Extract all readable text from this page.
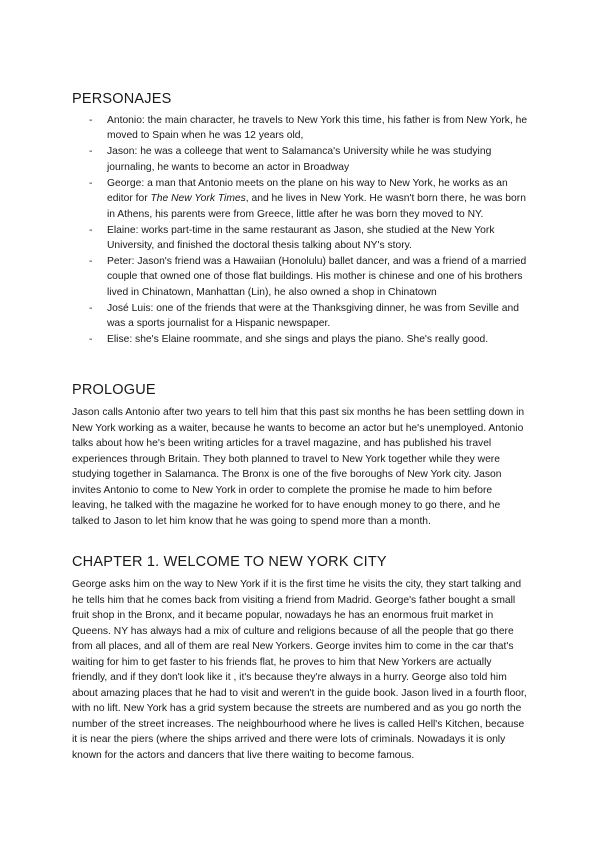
PERSONAJES
- Antonio: the main character, he travels to New York this time, his father is from New York, he moved to Spain when he was 12 years old,
- Jason: he was a colleege that went to Salamanca's University while he was studying journaling, he wants to become an actor in Broadway
- George: a man that Antonio meets on the plane on his way to New York, he works as an editor for The New York Times, and he lives in New York. He wasn't born there, he was born in Athens, his parents were from Greece, little after he was born they moved to NY.
- Elaine: works part-time in the same restaurant as Jason, she studied at the New York University, and finished the doctoral thesis talking about NY's story.
- Peter: Jason's friend was a Hawaiian (Honolulu) ballet dancer, and was a friend of a married couple that owned one of those flat buildings. His mother is chinese and one of his brothers lived in Chinatown, Manhattan (Lin), he also owned a shop in Chinatown
- José Luis: one of the friends that were at the Thanksgiving dinner, he was from Seville and was a sports journalist for a Hispanic newspaper.
- Elise: she's Elaine roommate, and she sings and plays the piano. She's really good.
PROLOGUE

Jason calls Antonio after two years to tell him that this past six months he has been settling down in New York working as a waiter, because he wants to become an actor but he's unemployed. Antonio talks about how he's been writing articles for a travel magazine, and has published his travel experiences through Britain. They both planned to travel to New York together while they were studying together in Salamanca. The Bronx is one of the five boroughs of New York city. Jason invites Antonio to come to New York in order to complete the promise he made to him before leaving, he talked with the magazine he worked for to have enough money to go there, and he talked to Jason to let him know that he was going to spend more than a month.

CHAPTER 1. WELCOME TO NEW YORK CITY

George asks him on the way to New York if it is the first time he visits the city, they start talking and he tells him that he comes back from visiting a friend from Madrid. George's father bought a small fruit shop in the Bronx, and it became popular, nowadays he has an enormous fruit market in Queens. NY has always had a mix of culture and religions because of all the people that go there from all places, and all of them are real New Yorkers. George invites him to come in the car that's waiting for him to get faster to his friends flat, he proves to him that New Yorkers are actually friendly, and if they don't look like it , it's because they're always in a hurry. George also told him about amazing places that he had to visit and weren't in the guide book. Jason lived in a fourth floor, with no lift. New York has a grid system because the streets are numbered and as you go north the number of the street increases. The neighbourhood where he lives is called Hell's Kitchen, because it is near the piers (where the ships arrived and there were lots of criminals. Nowadays it is only known for the actors and dancers that live there waiting to become famous.
